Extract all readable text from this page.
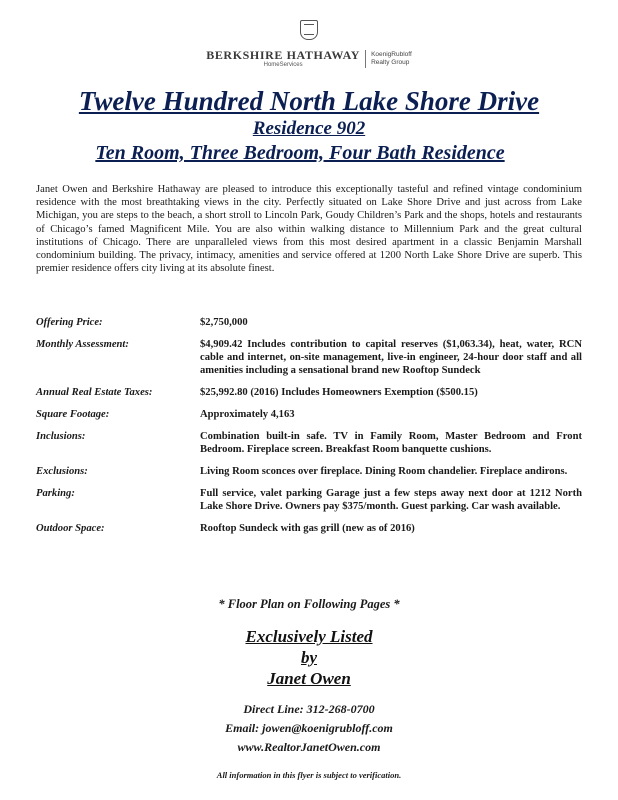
BERKSHIRE HATHAWAY
HomeServices
KoenigRubloff
Realty Group
Twelve Hundred North Lake Shore Drive
Residence 902
Ten Room, Three Bedroom, Four Bath Residence

Janet Owen and Berkshire Hathaway are pleased to introduce this exceptionally tasteful and refined vintage condominium residence with the most breathtaking views in the city. Perfectly situated on Lake Shore Drive and just across from Lake Michigan, you are steps to the beach, a short stroll to Lincoln Park, Goudy Children’s Park and the shops, hotels and restaurants of Chicago’s famed Magnificent Mile. You are also within walking distance to Millennium Park and the great cultural institutions of Chicago. There are unparalleled views from this most desired apartment in a classic Benjamin Marshall condominium building. The privacy, intimacy, amenities and service offered at 1200 North Lake Shore Drive are superb. This premier residence offers city living at its absolute finest.

Offering Price:	$2,750,000
Monthly Assessment:	$4,909.42 Includes contribution to capital reserves ($1,063.34), heat, water, RCN cable and internet, on-site management, live-in engineer, 24-hour door staff and all amenities including a sensational brand new Rooftop Sundeck
Annual Real Estate Taxes:	$25,992.80 (2016) Includes Homeowners Exemption ($500.15)
Square Footage:	Approximately 4,163
Inclusions:	Combination built-in safe. TV in Family Room, Master Bedroom and Front Bedroom. Fireplace screen. Breakfast Room banquette cushions.
Exclusions:	Living Room sconces over fireplace. Dining Room chandelier. Fireplace andirons.
Parking:	Full service, valet parking Garage just a few steps away next door at 1212 North Lake Shore Drive. Owners pay $375/month. Guest parking. Car wash available.
Outdoor Space:	Rooftop Sundeck with gas grill (new as of 2016)

* Floor Plan on Following Pages *

Exclusively Listed
by
Janet Owen

Direct Line: 312-268-0700

Email: jowen@koenigrubloff.com

www.RealtorJanetOwen.com

All information in this flyer is subject to verification.
